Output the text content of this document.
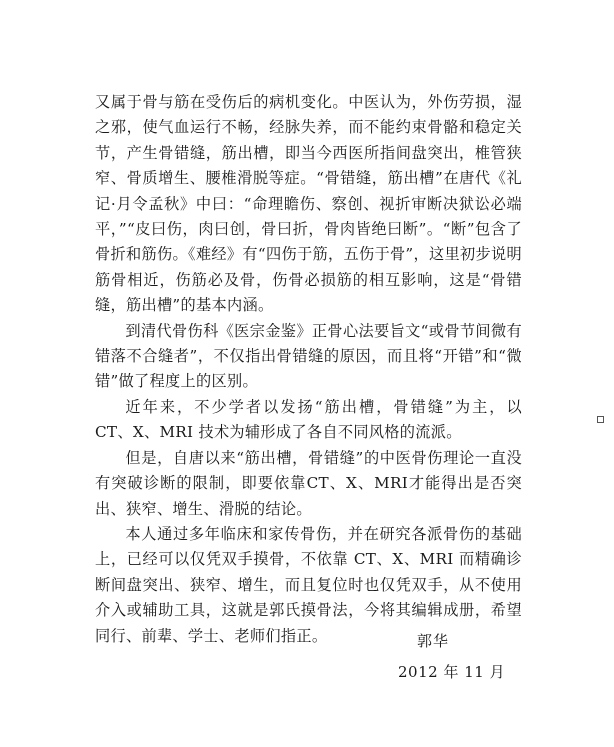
又属于骨与筋在受伤后的病机变化。中医认为，外伤劳损，湿之邪，使气血运行不畅，经脉失养，而不能约束骨骼和稳定关节，产生骨错缝，筋出槽，即当今西医所指间盘突出，椎管狭窄、骨质增生、腰椎滑脱等症。“骨错缝，筋出槽”在唐代《礼记·月令孟秋》中曰：“命理瞻伤、察创、视折审断决狱讼必端平，”“皮曰伤，肉曰创，骨曰折，骨肉皆绝曰断”。“断”包含了骨折和筋伤。《难经》有“四伤于筋，五伤于骨”，这里初步说明筋骨相近，伤筋必及骨，伤骨必损筋的相互影响，这是“骨错缝，筋出槽”的基本内涵。

到清代骨伤科《医宗金鉴》正骨心法要旨文“或骨节间微有错落不合缝者”，不仅指出骨错缝的原因，而且将“开错”和“微错”做了程度上的区别。

近年来，不少学者以发扬“筋出槽，骨错缝”为主，以 CT、X、MRI 技术为辅形成了各自不同风格的流派。

但是，自唐以来“筋出槽，骨错缝”的中医骨伤理论一直没有突破诊断的限制，即要依靠CT、X、MRI才能得出是否突出、狭窄、增生、滑脱的结论。

本人通过多年临床和家传骨伤，并在研究各派骨伤的基础上，已经可以仅凭双手摸骨，不依靠 CT、X、MRI 而精确诊断间盘突出、狭窄、增生，而且复位时也仅凭双手，从不使用介入或辅助工具，这就是郭氏摸骨法，今将其编辑成册，希望同行、前辈、学士、老师们指正。	郭华
2012 年 11 月
